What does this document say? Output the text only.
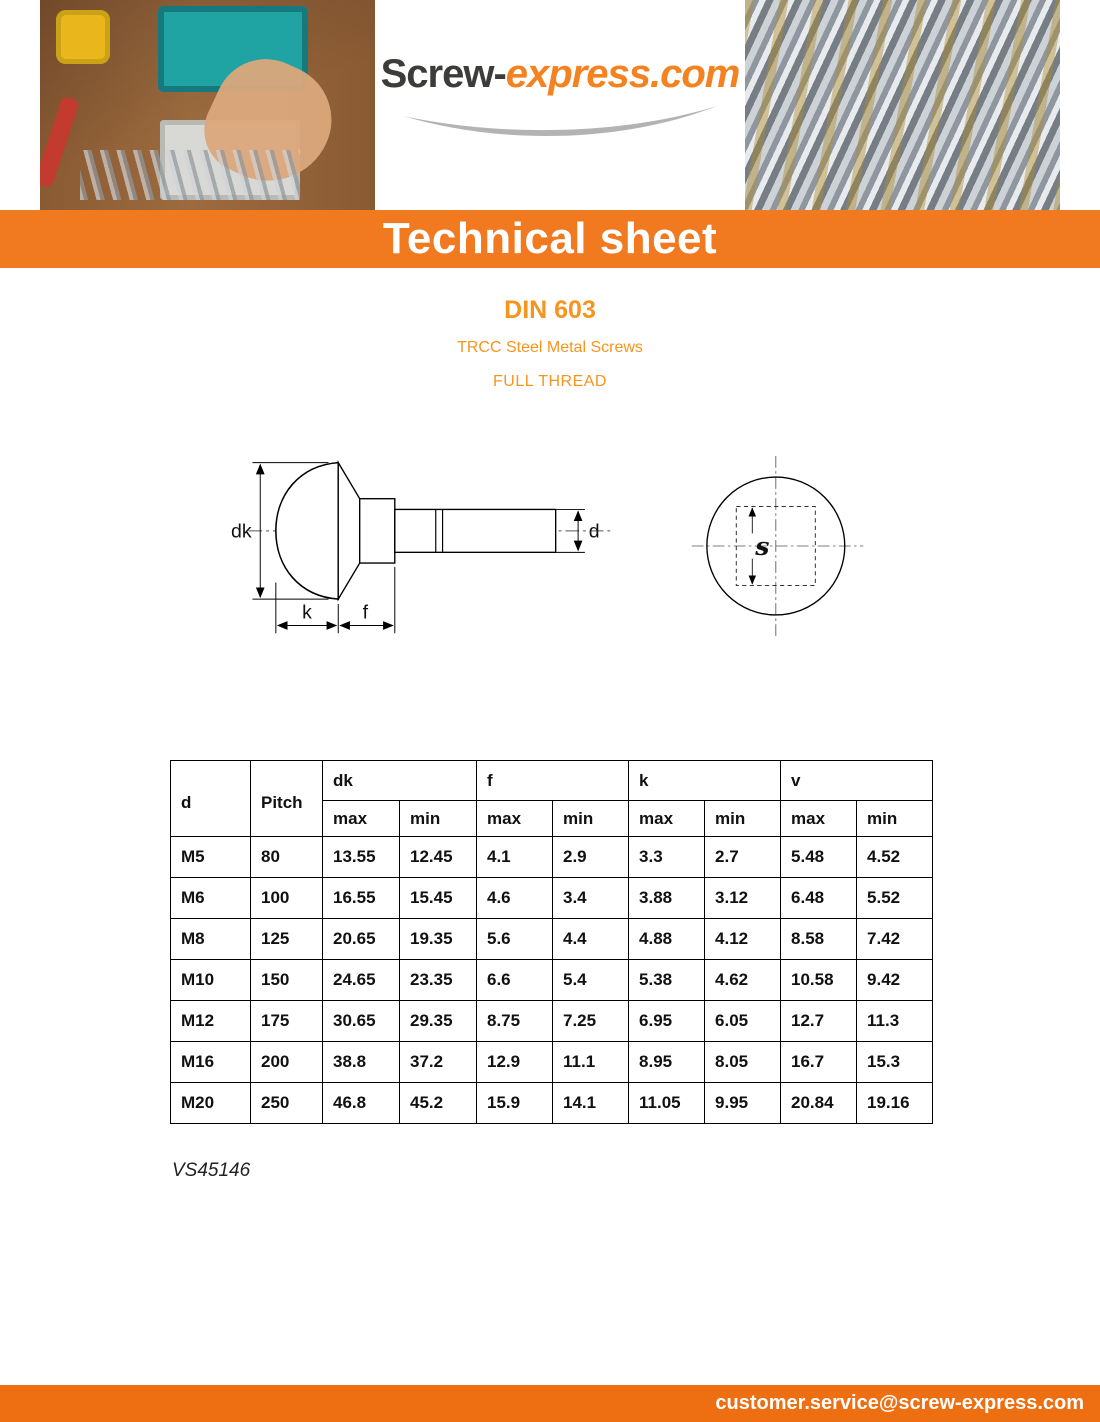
Screw-express.com
Technical sheet
DIN 603
TRCC Steel Metal Screws
FULL THREAD
dk	d
k	f
s
d	Pitch	dk		f		k		v	
		max	min	max	min	max	min	max	min
M5	80	13.55	12.45	4.1	2.9	3.3	2.7	5.48	4.52
M6	100	16.55	15.45	4.6	3.4	3.88	3.12	6.48	5.52
M8	125	20.65	19.35	5.6	4.4	4.88	4.12	8.58	7.42
M10	150	24.65	23.35	6.6	5.4	5.38	4.62	10.58	9.42
M12	175	30.65	29.35	8.75	7.25	6.95	6.05	12.7	11.3
M16	200	38.8	37.2	12.9	11.1	8.95	8.05	16.7	15.3
M20	250	46.8	45.2	15.9	14.1	11.05	9.95	20.84	19.16
VS45146
customer.service@screw-express.com
